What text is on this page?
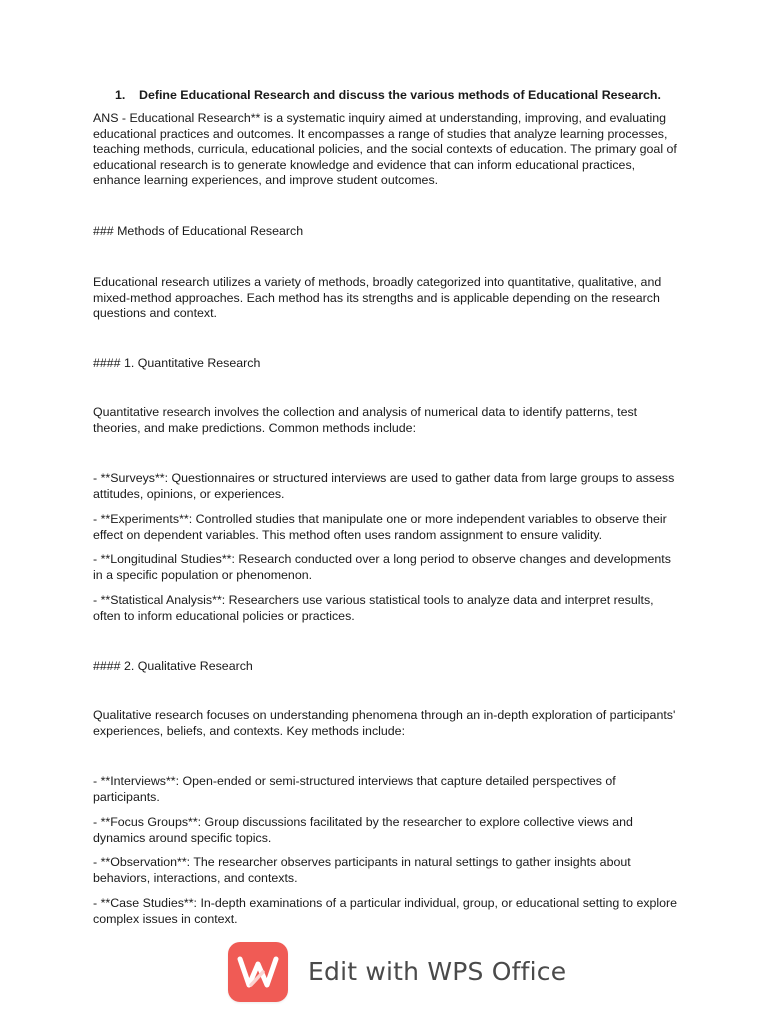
1. Define Educational Research and discuss the various methods of Educational Research.

ANS - Educational Research** is a systematic inquiry aimed at understanding, improving, and evaluating educational practices and outcomes. It encompasses a range of studies that analyze learning processes, teaching methods, curricula, educational policies, and the social contexts of education. The primary goal of educational research is to generate knowledge and evidence that can inform educational practices, enhance learning experiences, and improve student outcomes.

### Methods of Educational Research

Educational research utilizes a variety of methods, broadly categorized into quantitative, qualitative, and mixed-method approaches. Each method has its strengths and is applicable depending on the research questions and context.

#### 1. Quantitative Research

Quantitative research involves the collection and analysis of numerical data to identify patterns, test theories, and make predictions. Common methods include:

- **Surveys**: Questionnaires or structured interviews are used to gather data from large groups to assess attitudes, opinions, or experiences.

- **Experiments**: Controlled studies that manipulate one or more independent variables to observe their effect on dependent variables. This method often uses random assignment to ensure validity.

- **Longitudinal Studies**: Research conducted over a long period to observe changes and developments in a specific population or phenomenon.

- **Statistical Analysis**: Researchers use various statistical tools to analyze data and interpret results, often to inform educational policies or practices.

#### 2. Qualitative Research

Qualitative research focuses on understanding phenomena through an in-depth exploration of participants' experiences, beliefs, and contexts. Key methods include:

- **Interviews**: Open-ended or semi-structured interviews that capture detailed perspectives of participants.

- **Focus Groups**: Group discussions facilitated by the researcher to explore collective views and dynamics around specific topics.

- **Observation**: The researcher observes participants in natural settings to gather insights about behaviors, interactions, and contexts.

- **Case Studies**: In-depth examinations of a particular individual, group, or educational setting to explore complex issues in context.

Edit with WPS Office
